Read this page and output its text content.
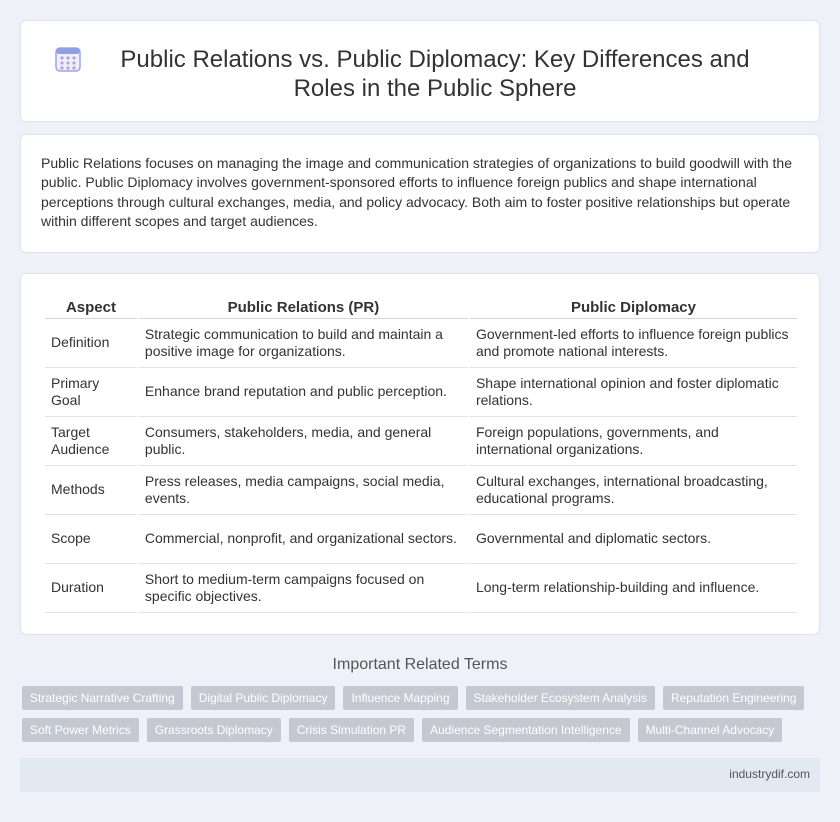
Public Relations vs. Public Diplomacy: Key Differences and Roles in the Public Sphere

Public Relations focuses on managing the image and communication strategies of organizations to build goodwill with the public. Public Diplomacy involves government-sponsored efforts to influence foreign publics and shape international perceptions through cultural exchanges, media, and policy advocacy. Both aim to foster positive relationships but operate within different scopes and target audiences.

Aspect	Public Relations (PR)	Public Diplomacy
Definition	Strategic communication to build and maintain a positive image for organizations.	Government-led efforts to influence foreign publics and promote national interests.
Primary Goal	Enhance brand reputation and public perception.	Shape international opinion and foster diplomatic relations.
Target Audience	Consumers, stakeholders, media, and general public.	Foreign populations, governments, and international organizations.
Methods	Press releases, media campaigns, social media, events.	Cultural exchanges, international broadcasting, educational programs.
Scope	Commercial, nonprofit, and organizational sectors.	Governmental and diplomatic sectors.
Duration	Short to medium-term campaigns focused on specific objectives.	Long-term relationship-building and influence.
Important Related Terms
Strategic Narrative Crafting	Digital Public Diplomacy	Influence Mapping	Stakeholder Ecosystem Analysis	Reputation Engineering
Soft Power Metrics	Grassroots Diplomacy	Crisis Simulation PR	Audience Segmentation Intelligence	Multi-Channel Advocacy
industrydif.com
